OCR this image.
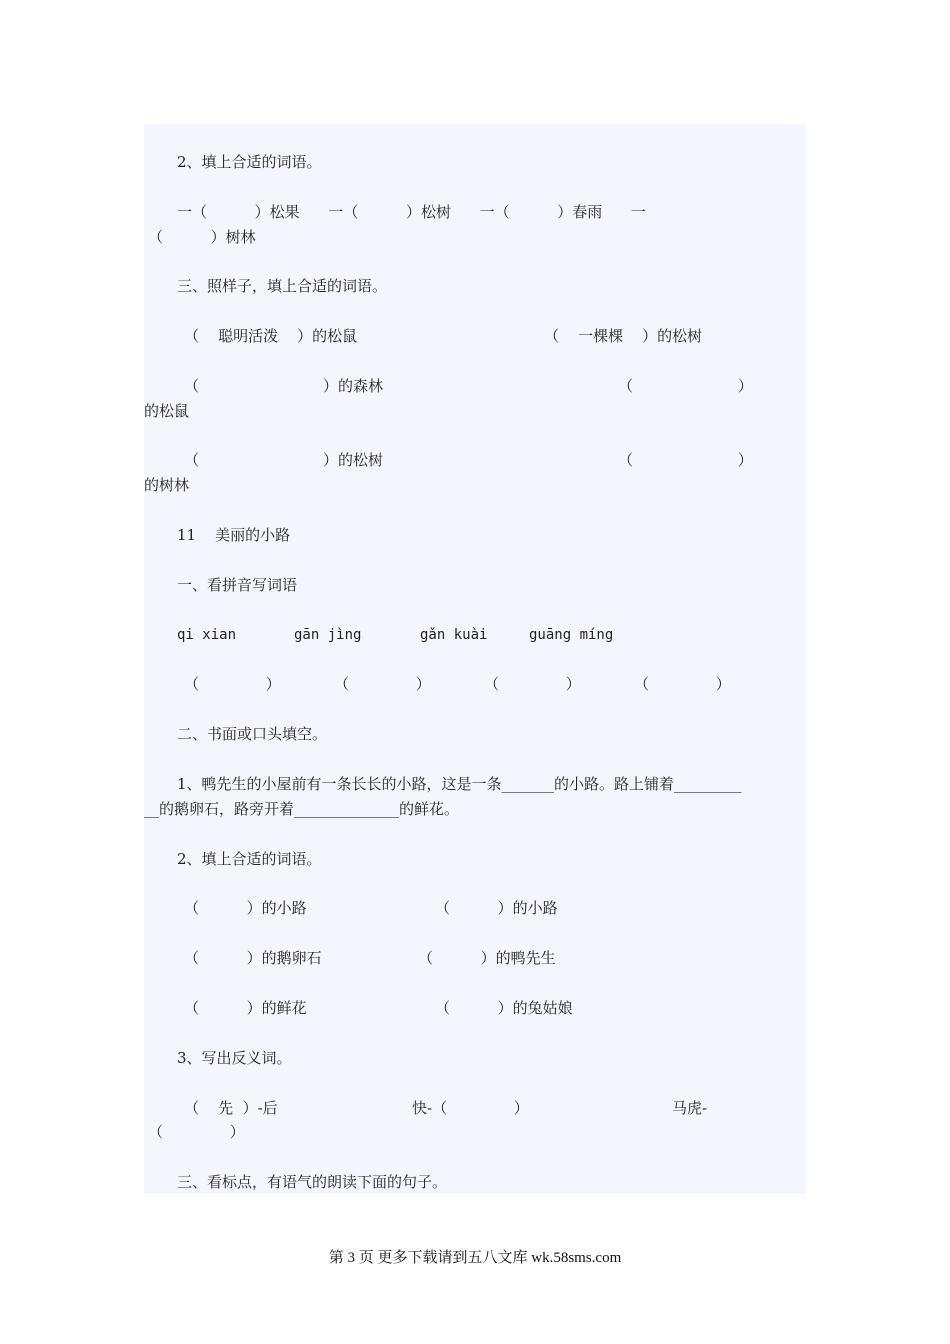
2、填上合适的词语。
一（          ）松果      一（          ）松树      一（          ）春雨      一
（          ）树林
三、照样子，填上合适的词语。
（    聪明活泼    ）的松鼠	（    一棵棵    ）的松树
（                          ）的森林	（                      ）
的松鼠
（                          ）的松树	（                      ）
的树林
11    美丽的小路
一、看拼音写词语
qi xian	gān jìng	gǎn kuài	guāng míng
（              ）	（              ）	（              ）	（              ）
二、书面或口头填空。
1、鸭先生的小屋前有一条长长的小路，这是一条_______的小路。路上铺着_________
__的鹅卵石，路旁开着______________的鲜花。
2、填上合适的词语。
（          ）的小路	（          ）的小路
（          ）的鹅卵石	（          ）的鸭先生
（          ）的鲜花	（          ）的兔姑娘
3、写出反义词。
（    先  ）-后	快-（              ）	马虎-
（              ）
三、看标点，有语气的朗读下面的句子。
第 3 页 更多下载请到五八文库 wk.58sms.com
